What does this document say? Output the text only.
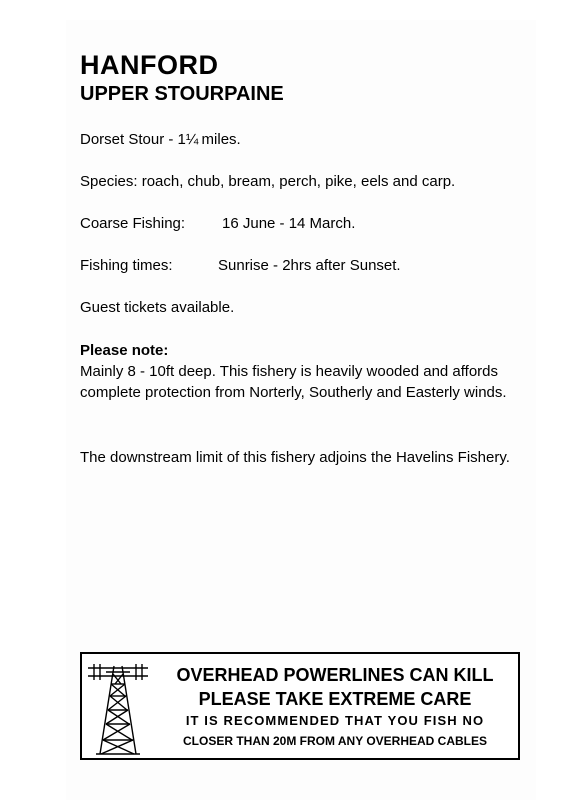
HANFORD
UPPER STOURPAINE

Dorset Stour - 1¼ miles.

Species: roach, chub, bream, perch, pike, eels and carp.

Coarse Fishing: 16 June - 14 March.

Fishing times:	Sunrise - 2hrs after Sunset.

Guest tickets available.

Please note:

Mainly 8 - 10ft deep. This fishery is heavily wooded and affords complete protection from Norterly, Southerly and Easterly winds.

The downstream limit of this fishery adjoins the Havelins Fishery.

OVERHEAD POWERLINES CAN KILL

PLEASE TAKE EXTREME CARE

IT IS RECOMMENDED THAT YOU FISH NO

CLOSER THAN 20M FROM ANY OVERHEAD CABLES
